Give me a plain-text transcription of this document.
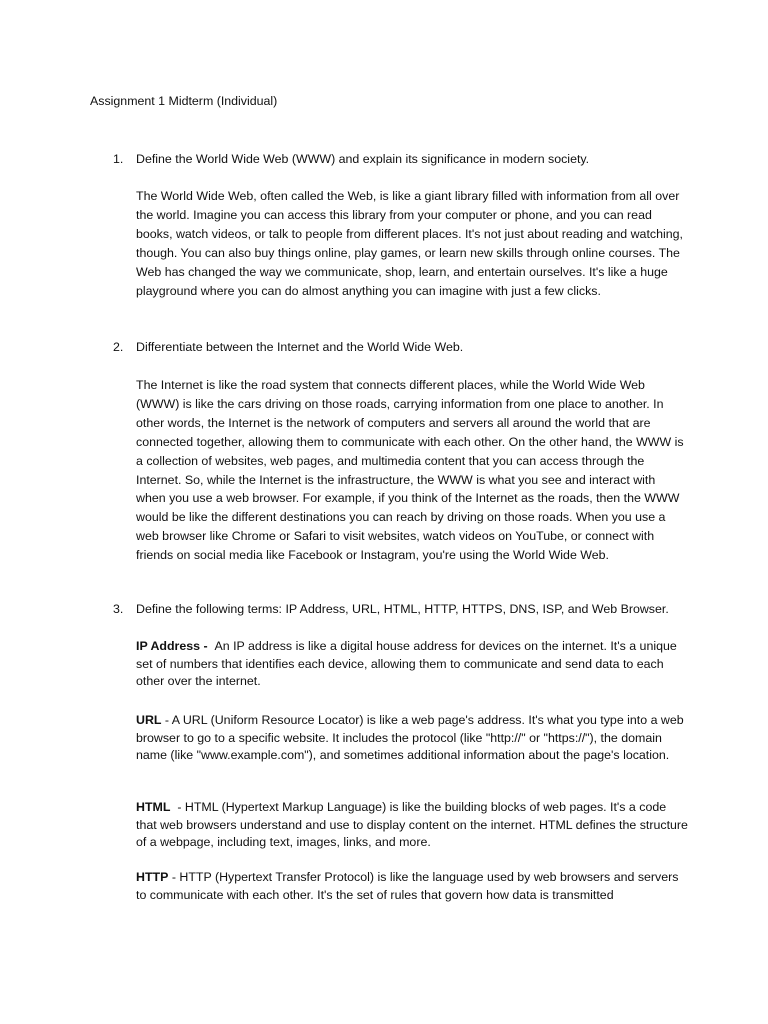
Assignment 1 Midterm (Individual)

1. Define the World Wide Web (WWW) and explain its significance in modern society.

The World Wide Web, often called the Web, is like a giant library filled with information from all over the world. Imagine you can access this library from your computer or phone, and you can read books, watch videos, or talk to people from different places. It's not just about reading and watching, though. You can also buy things online, play games, or learn new skills through online courses. The Web has changed the way we communicate, shop, learn, and entertain ourselves. It's like a huge playground where you can do almost anything you can imagine with just a few clicks.

2. Differentiate between the Internet and the World Wide Web.

The Internet is like the road system that connects different places, while the World Wide Web (WWW) is like the cars driving on those roads, carrying information from one place to another. In other words, the Internet is the network of computers and servers all around the world that are connected together, allowing them to communicate with each other. On the other hand, the WWW is a collection of websites, web pages, and multimedia content that you can access through the Internet. So, while the Internet is the infrastructure, the WWW is what you see and interact with when you use a web browser. For example, if you think of the Internet as the roads, then the WWW would be like the different destinations you can reach by driving on those roads. When you use a web browser like Chrome or Safari to visit websites, watch videos on YouTube, or connect with friends on social media like Facebook or Instagram, you're using the World Wide Web.

3. Define the following terms: IP Address, URL, HTML, HTTP, HTTPS, DNS, ISP, and Web Browser.

IP Address - An IP address is like a digital house address for devices on the internet. It's a unique set of numbers that identifies each device, allowing them to communicate and send data to each other over the internet.

URL - A URL (Uniform Resource Locator) is like a web page's address. It's what you type into a web browser to go to a specific website. It includes the protocol (like "http://" or "https://"), the domain name (like "www.example.com"), and sometimes additional information about the page's location.

HTML - HTML (Hypertext Markup Language) is like the building blocks of web pages. It's a code that web browsers understand and use to display content on the internet. HTML defines the structure of a webpage, including text, images, links, and more.

HTTP - HTTP (Hypertext Transfer Protocol) is like the language used by web browsers and servers to communicate with each other. It's the set of rules that govern how data is transmitted
